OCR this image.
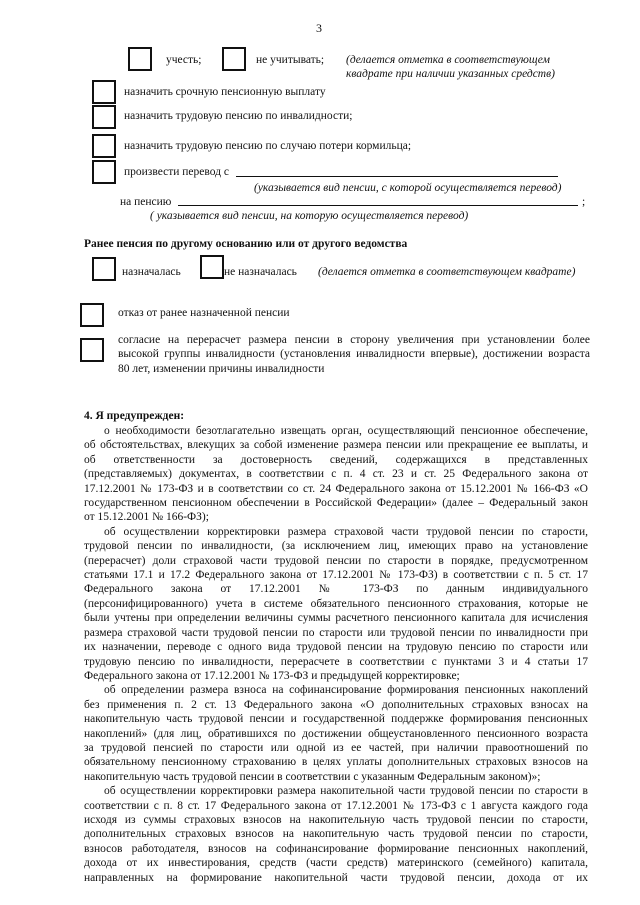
3
учесть;	не учитывать; (делается отметка в соответствующем
квадрате при наличии указанных средств)
назначить срочную пенсионную выплату
назначить трудовую пенсию по инвалидности;
назначить трудовую пенсию по случаю потери кормильца;
произвести перевод с
(указывается вид пенсии, с которой осуществляется перевод)
на пенсию	;
( указывается вид пенсии, на которую осуществляется перевод)
Ранее пенсия по другому основанию или от другого ведомства
назначалась	не назначалась (делается отметка в соответствующем квадрате)
отказ от ранее назначенной пенсии
согласие на перерасчет размера пенсии в сторону увеличения при установлении более
высокой группы инвалидности (установления инвалидности впервые), достижении возраста
80 лет, изменении причины инвалидности
4. Я предупрежден:
о необходимости безотлагательно извещать орган, осуществляющий пенсионное обеспечение,
об обстоятельствах, влекущих за собой изменение размера пенсии или прекращение ее выплаты, и
об ответственности за достоверность сведений, содержащихся в представленных
(представляемых) документах, в соответствии с п. 4 ст. 23 и ст. 25 Федерального закона от
17.12.2001 № 173-ФЗ и в соответствии со ст. 24 Федерального закона от 15.12.2001 № 166-ФЗ «О
государственном пенсионном обеспечении в Российской Федерации» (далее – Федеральный закон
от 15.12.2001 № 166-ФЗ);
об осуществлении корректировки размера страховой части трудовой пенсии по старости,
трудовой пенсии по инвалидности, (за исключением лиц, имеющих право на установление
(перерасчет) доли страховой части трудовой пенсии по старости в порядке, предусмотренном
статьями 17.1 и 17.2 Федерального закона от 17.12.2001 № 173-ФЗ) в соответствии с п. 5 ст. 17
Федерального закона от 17.12.2001 № 173-ФЗ по данным индивидуального
(персонифицированного) учета в системе обязательного пенсионного страхования, которые не
были учтены при определении величины суммы расчетного пенсионного капитала для исчисления
размера страховой части трудовой пенсии по старости или трудовой пенсии по инвалидности при
их назначении, переводе с одного вида трудовой пенсии на трудовую пенсию по старости или
трудовую пенсию по инвалидности, перерасчете в соответствии с пунктами 3 и 4 статьи 17
Федерального закона от 17.12.2001 № 173-ФЗ и предыдущей корректировке;
об определении размера взноса на софинансирование формирования пенсионных накоплений
без применения п. 2 ст. 13 Федерального закона «О дополнительных страховых взносах на
накопительную часть трудовой пенсии и государственной поддержке формирования пенсионных
накоплений» (для лиц, обратившихся по достижении общеустановленного пенсионного возраста
за трудовой пенсией по старости или одной из ее частей, при наличии правоотношений по
обязательному пенсионному страхованию в целях уплаты дополнительных страховых взносов на
накопительную часть трудовой пенсии в соответствии с указанным Федеральным законом)»;
об осуществлении корректировки размера накопительной части трудовой пенсии по старости в
соответствии с п. 8 ст. 17 Федерального закона от 17.12.2001 № 173-ФЗ с 1 августа каждого года
исходя из суммы страховых взносов на накопительную часть трудовой пенсии по старости,
дополнительных страховых взносов на накопительную часть трудовой пенсии по старости,
взносов работодателя, взносов на софинансирование формирование пенсионных накоплений,
дохода от их инвестирования, средств (части средств) материнского (семейного) капитала,
направленных на формирование накопительной части трудовой пенсии, дохода от их
